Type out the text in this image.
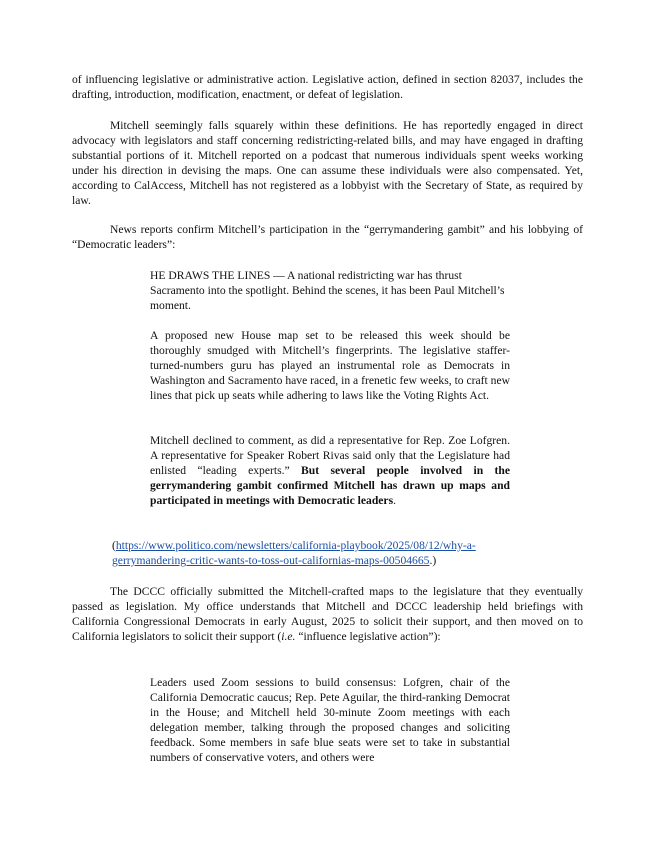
of influencing legislative or administrative action. Legislative action, defined in section 82037, includes the drafting, introduction, modification, enactment, or defeat of legislation.

Mitchell seemingly falls squarely within these definitions. He has reportedly engaged in direct advocacy with legislators and staff concerning redistricting-related bills, and may have engaged in drafting substantial portions of it. Mitchell reported on a podcast that numerous individuals spent weeks working under his direction in devising the maps. One can assume these individuals were also compensated. Yet, according to CalAccess, Mitchell has not registered as a lobbyist with the Secretary of State, as required by law.

News reports confirm Mitchell’s participation in the “gerrymandering gambit” and his lobbying of “Democratic leaders”:

HE DRAWS THE LINES — A national redistricting war has thrust Sacramento into the spotlight. Behind the scenes, it has been Paul Mitchell’s moment.

A proposed new House map set to be released this week should be thoroughly smudged with Mitchell’s fingerprints. The legislative staffer-turned-numbers guru has played an instrumental role as Democrats in Washington and Sacramento have raced, in a frenetic few weeks, to craft new lines that pick up seats while adhering to laws like the Voting Rights Act.

Mitchell declined to comment, as did a representative for Rep. Zoe Lofgren. A representative for Speaker Robert Rivas said only that the Legislature had enlisted “leading experts.” But several people involved in the gerrymandering gambit confirmed Mitchell has drawn up maps and participated in meetings with Democratic leaders.

(https://www.politico.com/newsletters/california-playbook/2025/08/12/why-a-
gerrymandering-critic-wants-to-toss-out-californias-maps-00504665.)

The DCCC officially submitted the Mitchell-crafted maps to the legislature that they eventually passed as legislation. My office understands that Mitchell and DCCC leadership held briefings with California Congressional Democrats in early August, 2025 to solicit their support, and then moved on to California legislators to solicit their support (i.e. “influence legislative action”):

Leaders used Zoom sessions to build consensus: Lofgren, chair of the California Democratic caucus; Rep. Pete Aguilar, the third-ranking Democrat in the House; and Mitchell held 30-minute Zoom meetings with each delegation member, talking through the proposed changes and soliciting feedback. Some members in safe blue seats were set to take in substantial numbers of conservative voters, and others were
